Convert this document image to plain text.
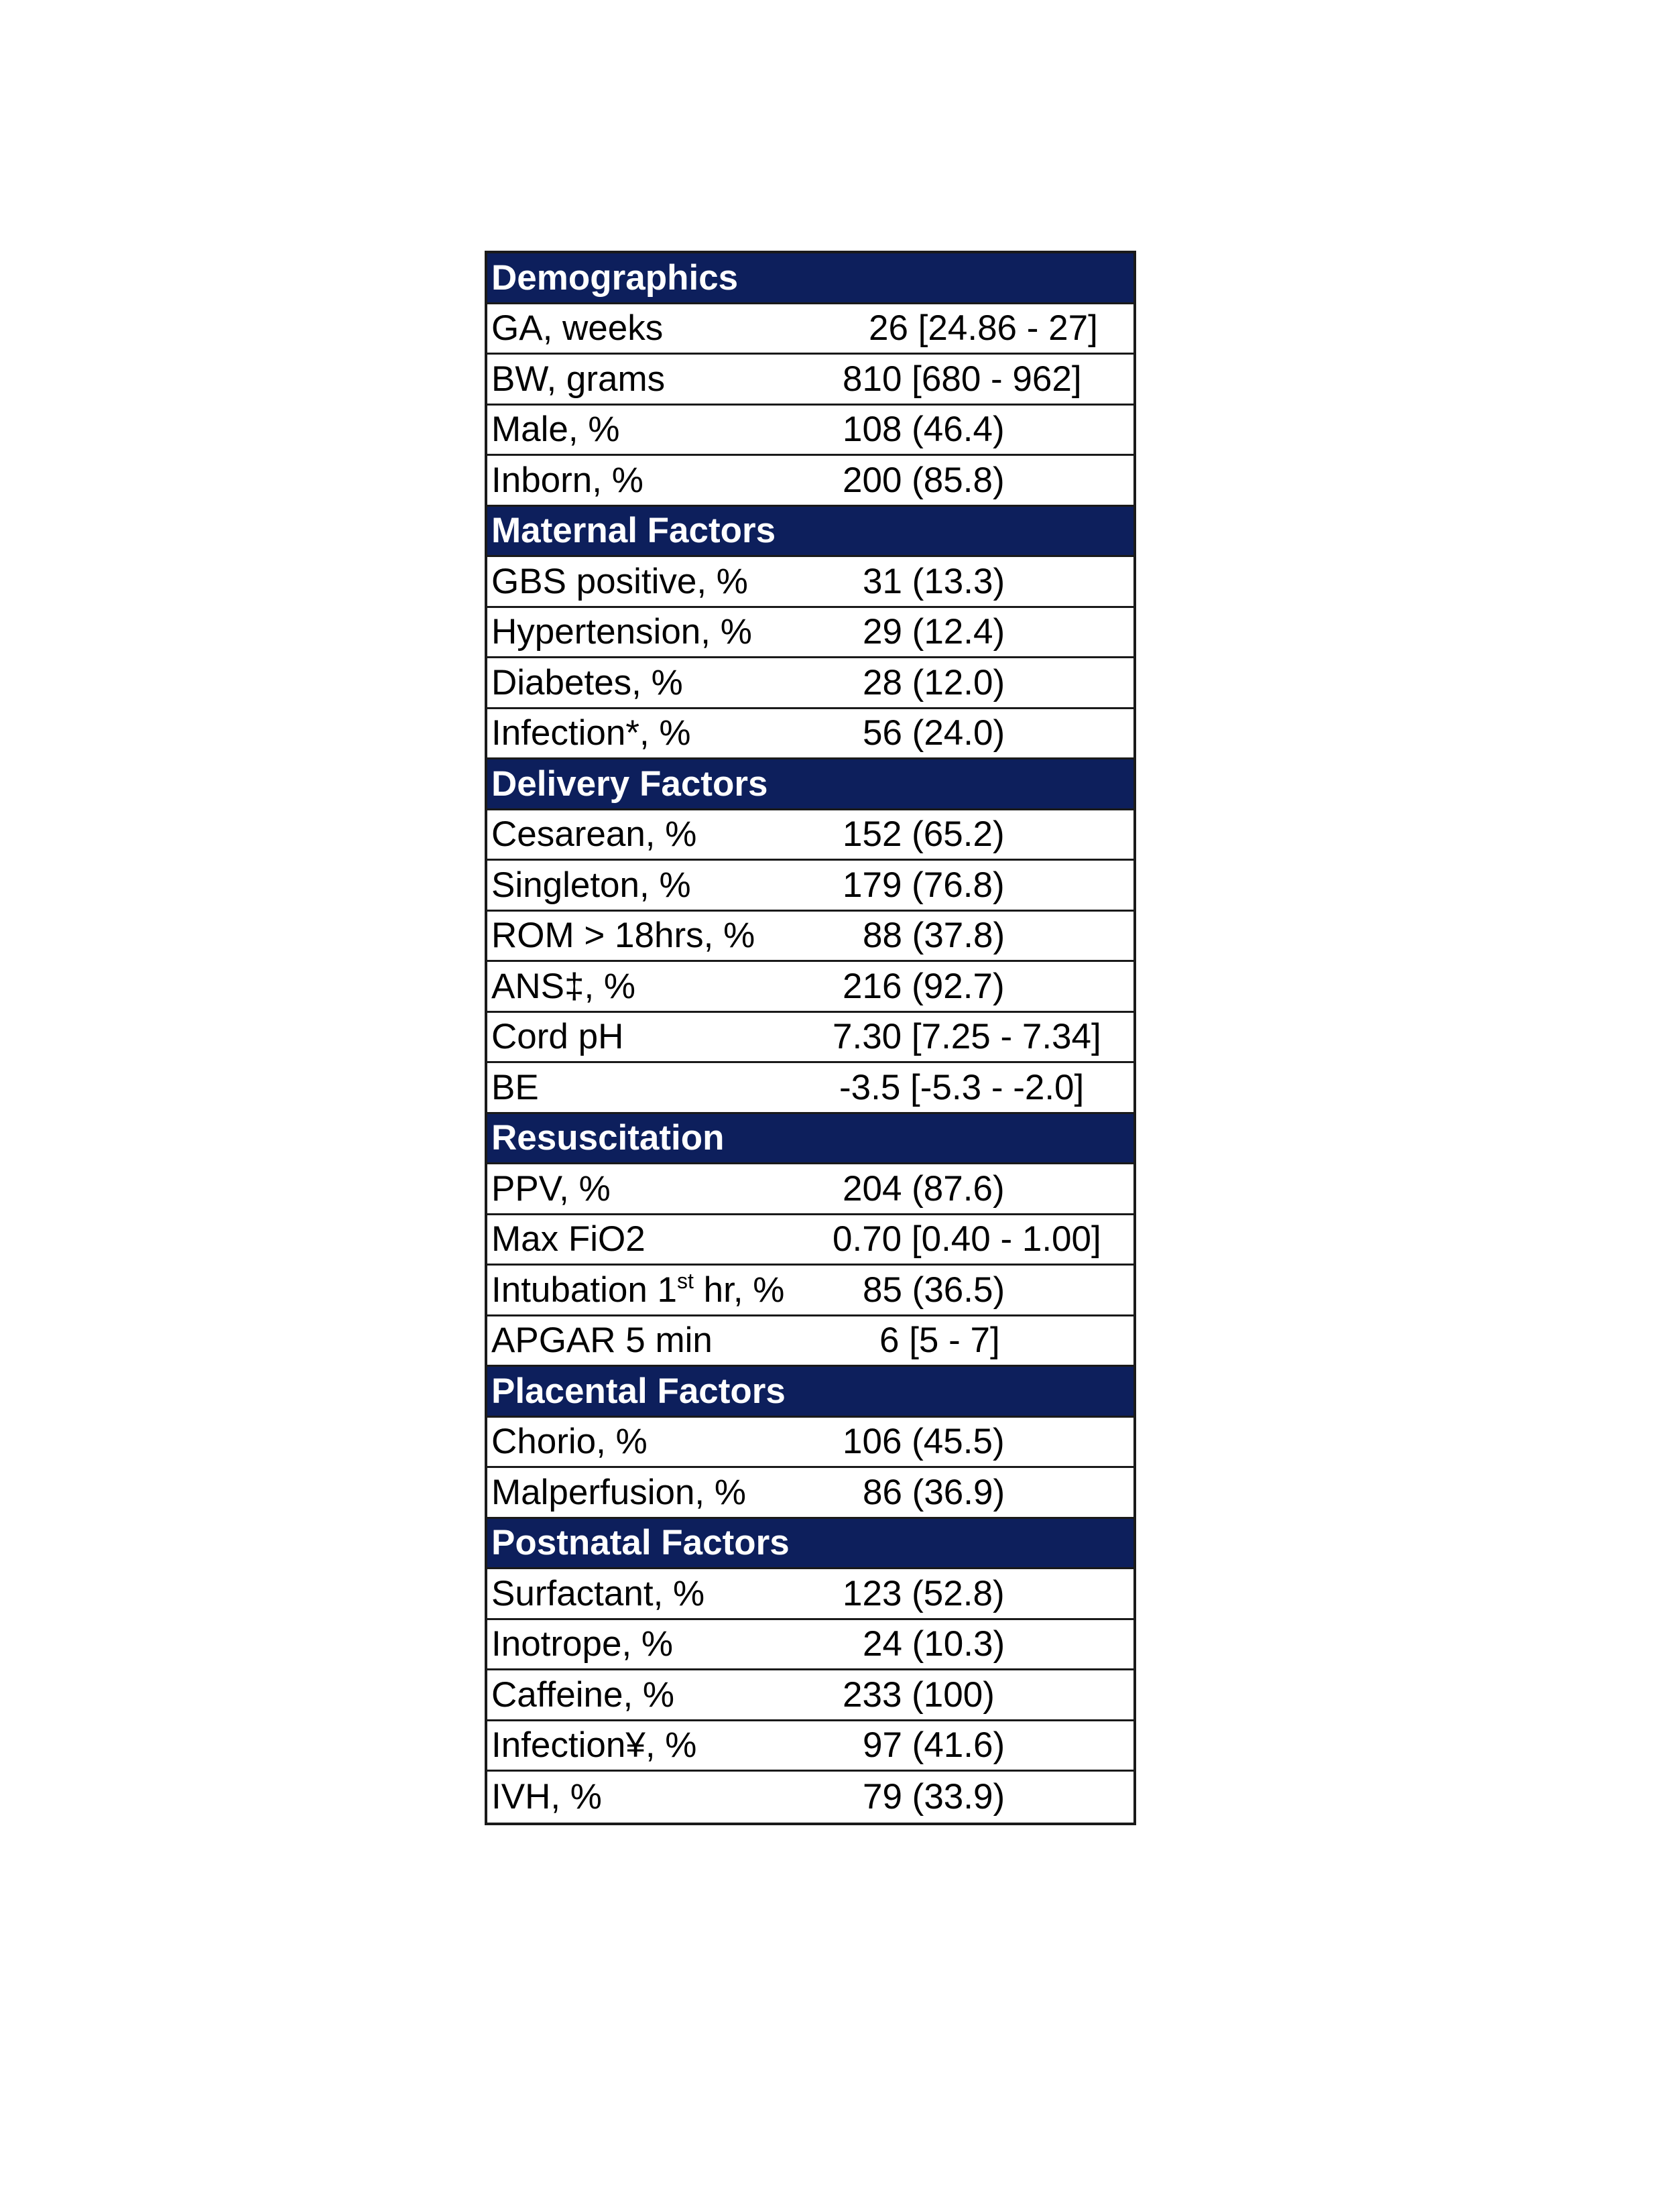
Demographics
GA, weeks	26 [24.86 - 27]
BW, grams	810 [680 - 962]
Male, %	108 (46.4)
Inborn, %	200 (85.8)
Maternal Factors
GBS positive, %	31 (13.3)
Hypertension, %	29 (12.4)
Diabetes, %	28 (12.0)
Infection*, %	56 (24.0)
Delivery Factors
Cesarean, %	152 (65.2)
Singleton, %	179 (76.8)
ROM > 18hrs, %	88 (37.8)
ANS‡, %	216 (92.7)
Cord pH	7.30 [7.25 - 7.34]
BE	-3.5 [-5.3 - -2.0]
Resuscitation
PPV, %	204 (87.6)
Max FiO2	0.70 [0.40 - 1.00]
Intubation 1st hr, % 85 (36.5)
APGAR 5 min	6 [5 - 7]
Placental Factors
Chorio, %	106 (45.5)
Malperfusion, %	86 (36.9)
Postnatal Factors
Surfactant, %	123 (52.8)
Inotrope, %	24 (10.3)
Caffeine, %	233 (100)
Infection¥, %	97 (41.6)
IVH, %	79 (33.9)
